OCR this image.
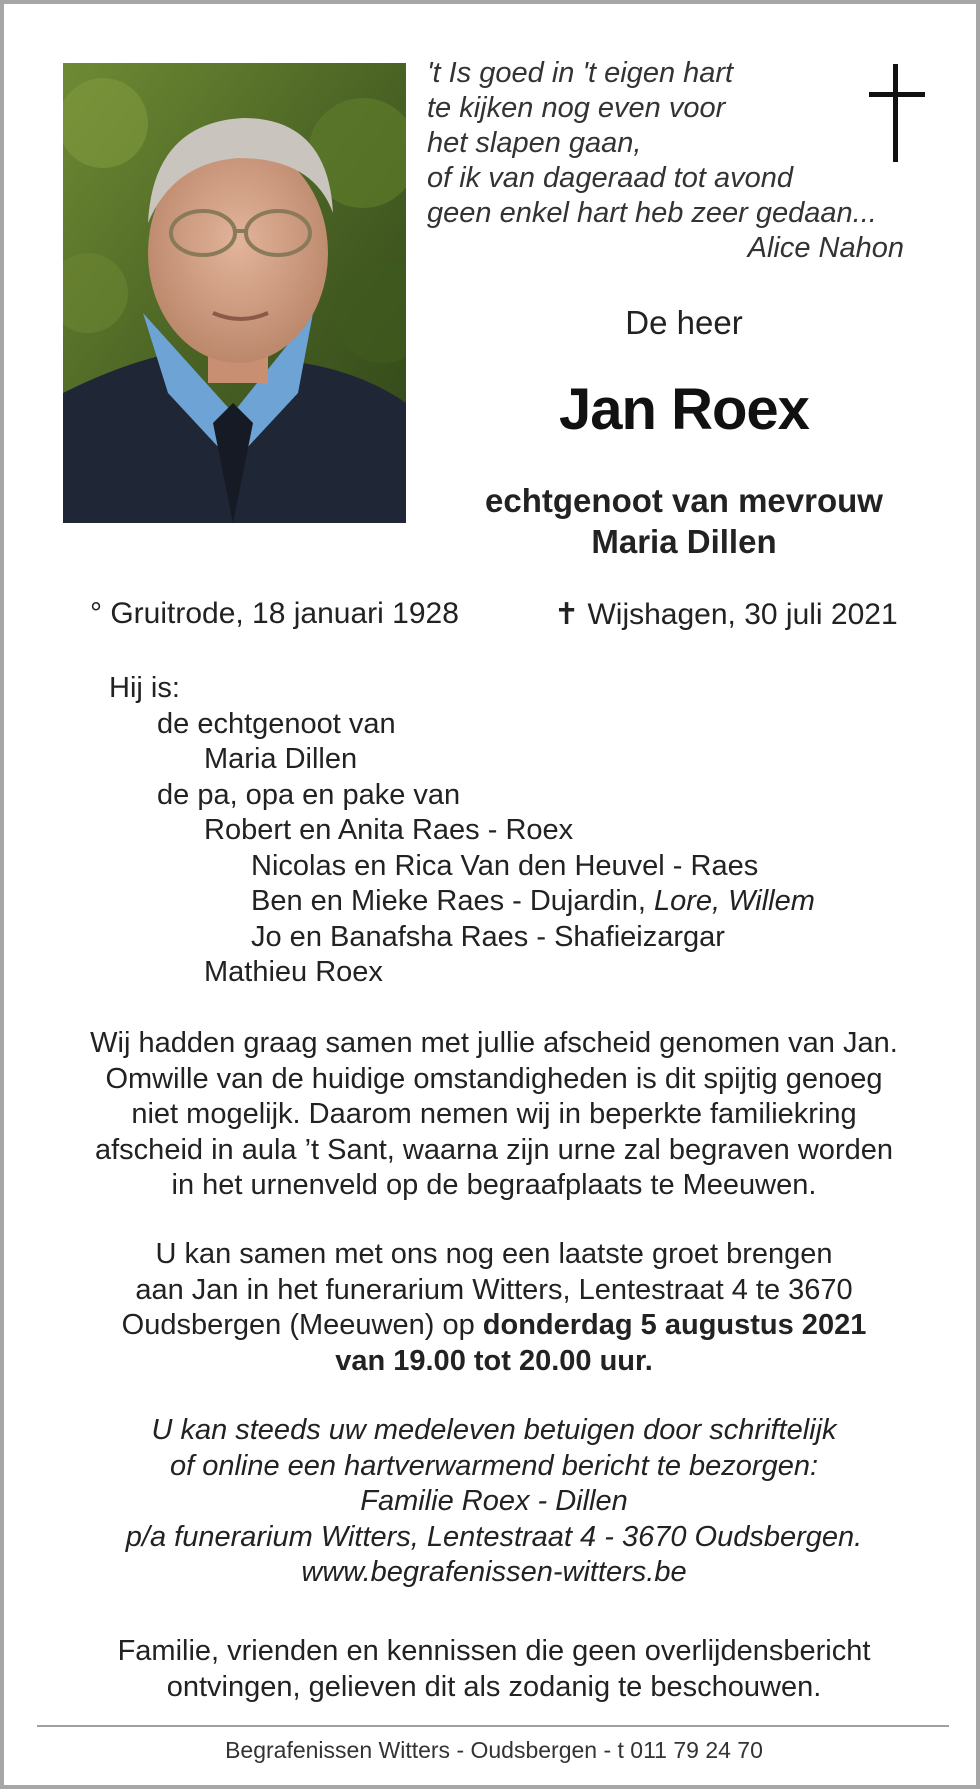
't Is goed in 't eigen hart
te kijken nog even voor
het slapen gaan,
of ik van dageraad tot avond
geen enkel hart heb zeer gedaan...
Alice Nahon
De heer
Jan Roex
echtgenoot van mevrouw
Maria Dillen
° Gruitrode, 18 januari 1928	✝ Wijshagen, 30 juli 2021
Hij is:
de echtgenoot van
Maria Dillen
de pa, opa en pake van
Robert en Anita Raes - Roex
Nicolas en Rica Van den Heuvel - Raes
Ben en Mieke Raes - Dujardin, Lore, Willem
Jo en Banafsha Raes - Shafieizargar
Mathieu Roex
Wij hadden graag samen met jullie afscheid genomen van Jan.
Omwille van de huidige omstandigheden is dit spijtig genoeg
niet mogelijk. Daarom nemen wij in beperkte familiekring
afscheid in aula ’t Sant, waarna zijn urne zal begraven worden
in het urnenveld op de begraafplaats te Meeuwen.
U kan samen met ons nog een laatste groet brengen
aan Jan in het funerarium Witters, Lentestraat 4 te 3670
Oudsbergen (Meeuwen) op donderdag 5 augustus 2021
van 19.00 tot 20.00 uur.
U kan steeds uw medeleven betuigen door schriftelijk
of online een hartverwarmend bericht te bezorgen:
Familie Roex - Dillen
p/a funerarium Witters, Lentestraat 4 - 3670 Oudsbergen.
www.begrafenissen-witters.be
Familie, vrienden en kennissen die geen overlijdensbericht
ontvingen, gelieven dit als zodanig te beschouwen.
Begrafenissen Witters - Oudsbergen - t 011 79 24 70
